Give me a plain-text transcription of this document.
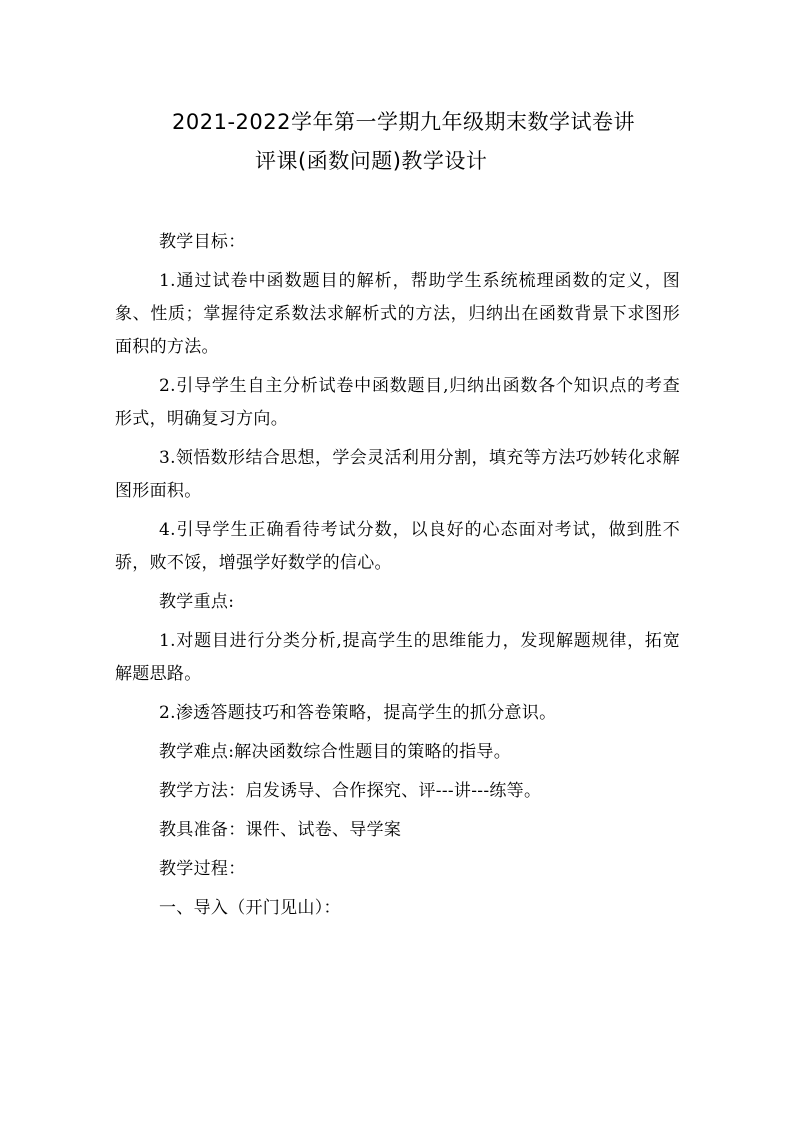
2021-2022学年第一学期九年级期末数学试卷讲
评课(函数问题)教学设计

教学目标：

1.通过试卷中函数题目的解析，帮助学生系统梳理函数的定义，图象、性质；掌握待定系数法求解析式的方法，归纳出在函数背景下求图形面积的方法。

2.引导学生自主分析试卷中函数题目,归纳出函数各个知识点的考查形式，明确复习方向。

3.领悟数形结合思想，学会灵活利用分割，填充等方法巧妙转化求解图形面积。

4.引导学生正确看待考试分数，以良好的心态面对考试，做到胜不骄，败不馁，增强学好数学的信心。

教学重点:

1.对题目进行分类分析,提高学生的思维能力，发现解题规律，拓宽解题思路。

2.渗透答题技巧和答卷策略，提高学生的抓分意识。

教学难点:解决函数综合性题目的策略的指导。

教学方法：启发诱导、合作探究、评---讲---练等。

教具准备：课件、试卷、导学案

教学过程：

一、导入（开门见山）：
